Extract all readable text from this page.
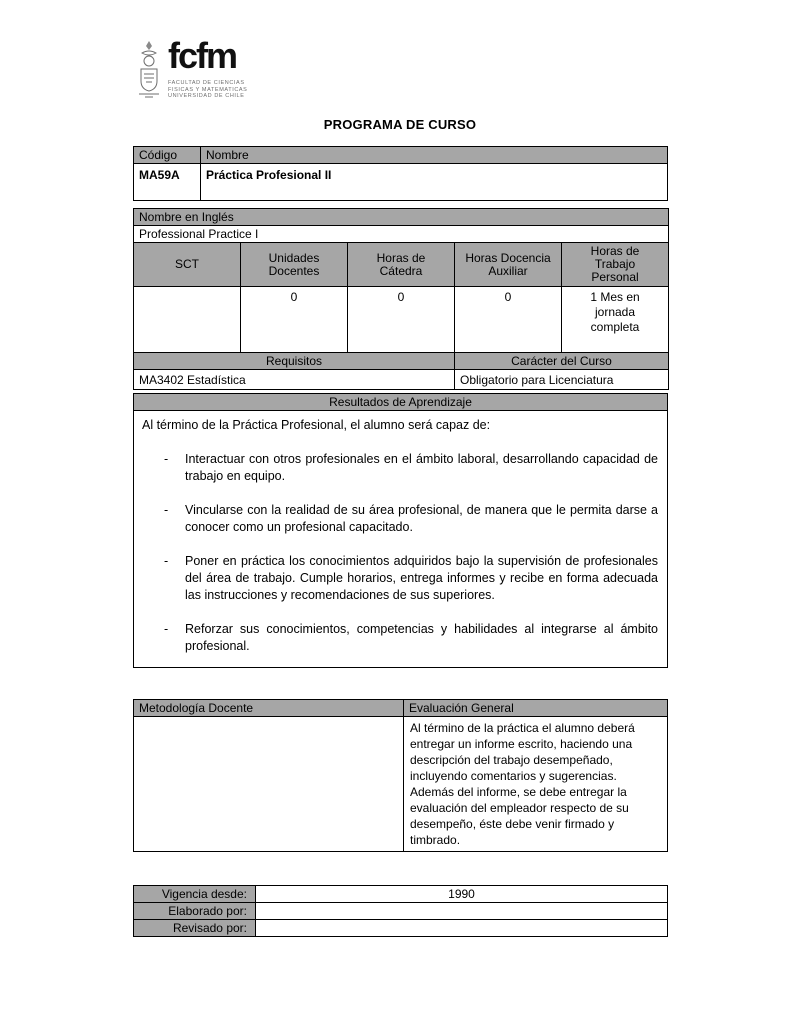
fcfm
FACULTAD DE CIENCIAS
FISICAS Y MATEMATICAS
UNIVERSIDAD DE CHILE
PROGRAMA DE CURSO
Código	Nombre
MA59A	Práctica Profesional II
Nombre en Inglés				
Professional Practice I				
SCT	Unidades Docentes	Horas de Cátedra	Horas Docencia Auxiliar	Horas de Trabajo Personal
	0	0	0	1 Mes en jornada completa
Requisitos			Carácter del Curso	
MA3402 Estadística			Obligatorio para Licenciatura	
Resultados de Aprendizaje

Al término de la Práctica Profesional, el alumno será capaz de:
-	Interactuar con otros profesionales en el ámbito laboral, desarrollando capacidad de trabajo en equipo.
-	Vincularse con la realidad de su área profesional, de manera que le permita darse a conocer como un profesional capacitado.
-	Poner en práctica los conocimientos adquiridos bajo la supervisión de profesionales del área de trabajo. Cumple horarios, entrega informes y recibe en forma adecuada las instrucciones y recomendaciones de sus superiores.
-	Reforzar sus conocimientos, competencias y habilidades al integrarse al ámbito profesional.
Metodología Docente	Evaluación General
	Al término de la práctica el alumno deberá entregar un informe escrito, haciendo una descripción del trabajo desempeñado, incluyendo comentarios y sugerencias. Además del informe, se debe entregar la evaluación del empleador respecto de su desempeño, éste debe venir firmado y timbrado.
Vigencia desde:	1990
Elaborado por:	
Revisado por:	
